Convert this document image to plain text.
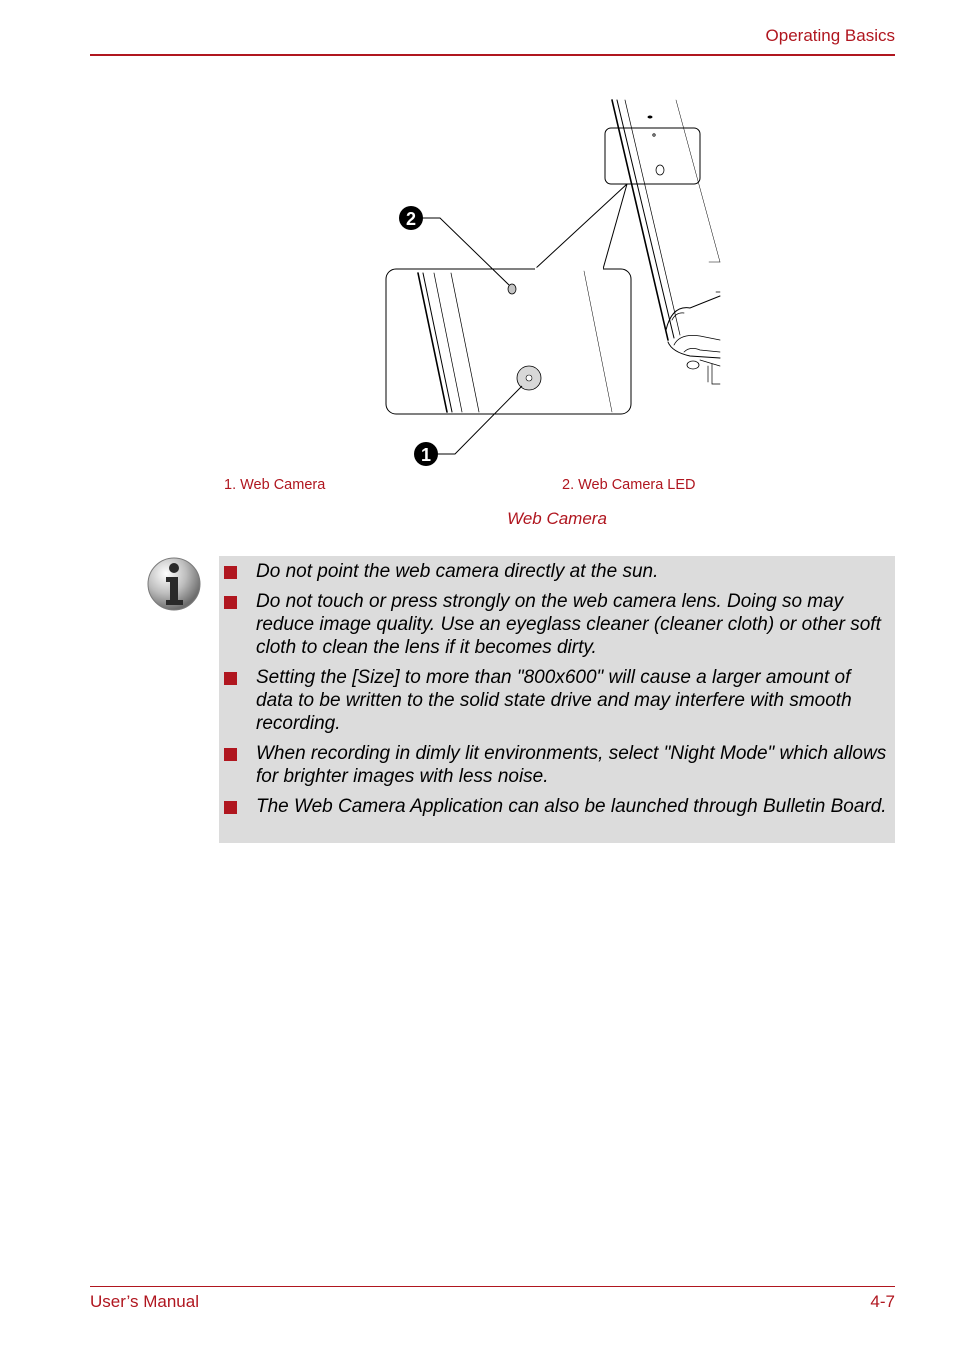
Operating Basics
2
1
1. Web Camera	2. Web Camera LED
Web Camera
Do not point the web camera directly at the sun.
Do not touch or press strongly on the web camera lens. Doing so may reduce image quality. Use an eyeglass cleaner (cleaner cloth) or other soft cloth to clean the lens if it becomes dirty.
Setting the [Size] to more than "800x600" will cause a larger amount of data to be written to the solid state drive and may interfere with smooth recording.
When recording in dimly lit environments, select "Night Mode" which allows for brighter images with less noise.
The Web Camera Application can also be launched through Bulletin Board.
User’s Manual	4-7
